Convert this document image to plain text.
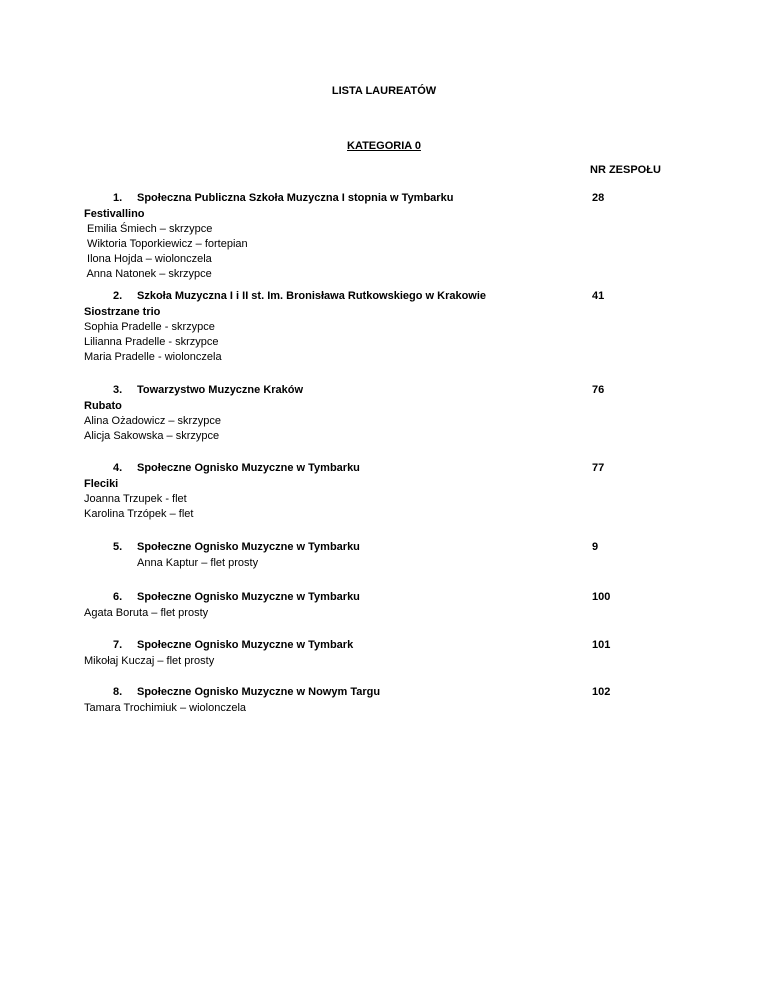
LISTA LAUREATÓW
KATEGORIA 0
NR ZESPOŁU
1. Społeczna Publiczna Szkoła Muzyczna I stopnia w Tymbarku	28
Festivallino
Emilia Śmiech – skrzypce
Wiktoria Toporkiewicz – fortepian
Ilona Hojda – wiolonczela
Anna Natonek – skrzypce
2. Szkoła Muzyczna I i II st. Im. Bronisława Rutkowskiego w Krakowie	41
Siostrzane trio
Sophia Pradelle - skrzypce
Lilianna Pradelle - skrzypce
Maria Pradelle - wiolonczela
3. Towarzystwo Muzyczne Kraków	76
Rubato
Alina Ożadowicz – skrzypce
Alicja Sakowska – skrzypce
4. Społeczne Ognisko Muzyczne w Tymbarku	77
Fleciki
Joanna Trzupek - flet
Karolina Trzópek – flet
5. Społeczne Ognisko Muzyczne w Tymbarku	9
Anna Kaptur – flet prosty
6. Społeczne Ognisko Muzyczne w Tymbarku	100
Agata Boruta – flet prosty
7. Społeczne Ognisko Muzyczne w Tymbark	101
Mikołaj Kuczaj – flet prosty
8. Społeczne Ognisko Muzyczne w Nowym Targu	102
Tamara Trochimiuk – wiolonczela
